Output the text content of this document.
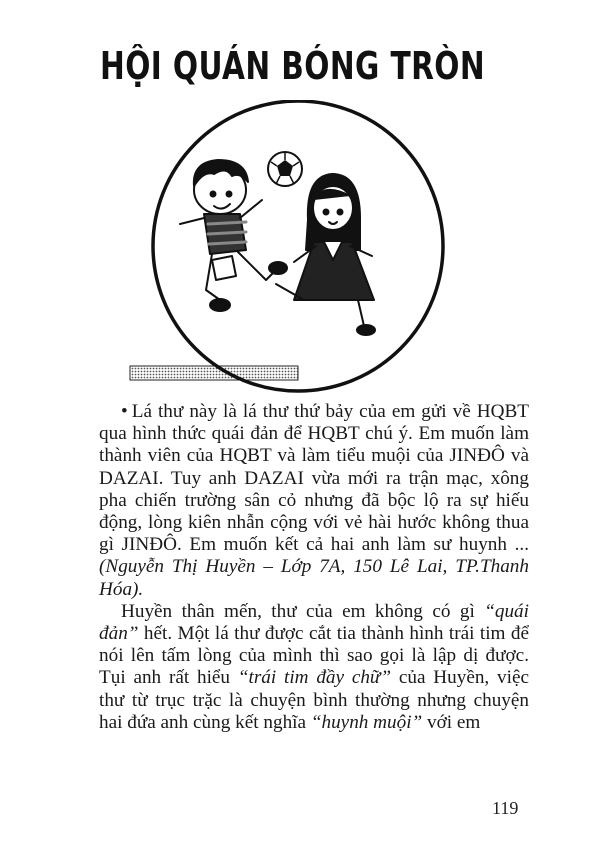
HỘI QUÁN BÓNG TRÒN

• Lá thư này là lá thư thứ bảy của em gửi về HQBT qua hình thức quái đản để HQBT chú ý. Em muốn làm thành viên của HQBT và làm tiểu muội của JINĐÔ và DAZAI. Tuy anh DAZAI vừa mới ra trận mạc, xông pha chiến trường sân cỏ nhưng đã bộc lộ ra sự hiếu động, lòng kiên nhẫn cộng với vẻ hài hước không thua gì JINĐÔ. Em muốn kết cả hai anh làm sư huynh ... (Nguyễn Thị Huyền – Lớp 7A, 150 Lê Lai, TP.Thanh Hóa).

Huyền thân mến, thư của em không có gì “quái đản” hết. Một lá thư được cắt tia thành hình trái tim để nói lên tấm lòng của mình thì sao gọi là lập dị được. Tụi anh rất hiểu “trái tim đầy chữ” của Huyền, việc thư từ trục trặc là chuyện bình thường nhưng chuyện hai đứa anh cùng kết nghĩa “huynh muội” với em

119
